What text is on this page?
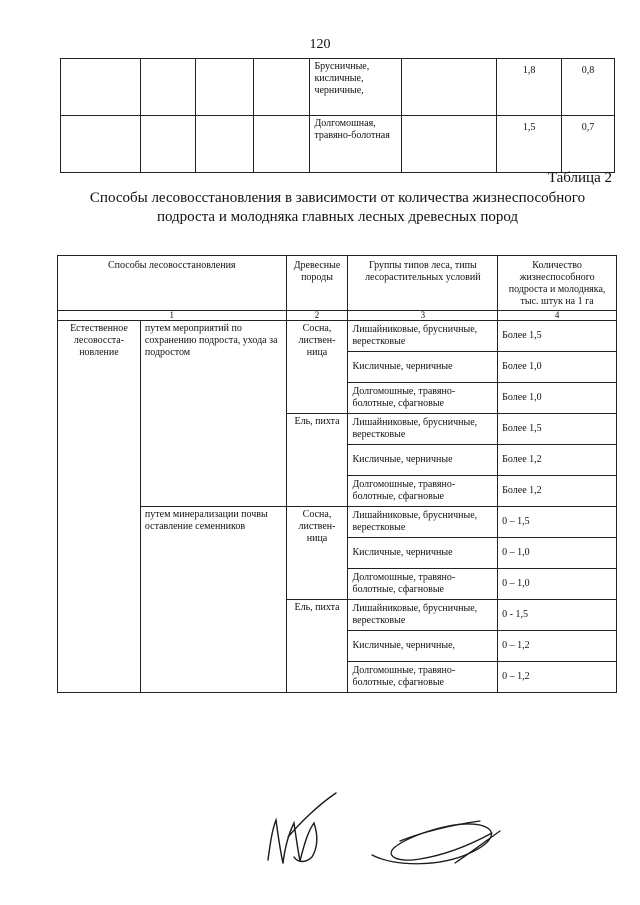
120
				Брусничные, кисличные, черничные,		1,8	0,8
				Долгомошная, травяно-болотная		1,5	0,7
Таблица 2
Способы лесовосстановления в зависимости от количества жизнеспособного подроста и молодняка главных лесных древесных пород
Способы лесовосстановления		Древесные породы	Группы типов леса, типы лесорастительных условий	Количество жизнеспособного подроста и молодняка, тыс. штук на 1 га
1		2	3	4
Естественное лесовосста-новление	путем мероприятий по сохранению подроста, ухода за подростом	Сосна, листвен-ница	Лишайниковые, брусничные, верестковые	Более 1,5
			Кисличные, черничные	Более 1,0
			Долгомошные, травяно-болотные, сфагновые	Более 1,0
		Ель, пихта	Лишайниковые, брусничные, верестковые	Более 1,5
			Кисличные, черничные	Более 1,2
			Долгомошные, травяно-болотные, сфагновые	Более 1,2
	путем минерализации почвы оставление семенников	Сосна, листвен-ница	Лишайниковые, брусничные, верестковые	0 – 1,5
			Кисличные, черничные	0 – 1,0
			Долгомошные, травяно-болотные, сфагновые	0 – 1,0
		Ель, пихта	Лишайниковые, брусничные, верестковые	0 - 1,5
			Кисличные, черничные,	0 – 1,2
			Долгомошные, травяно-болотные, сфагновые	0 – 1,2
